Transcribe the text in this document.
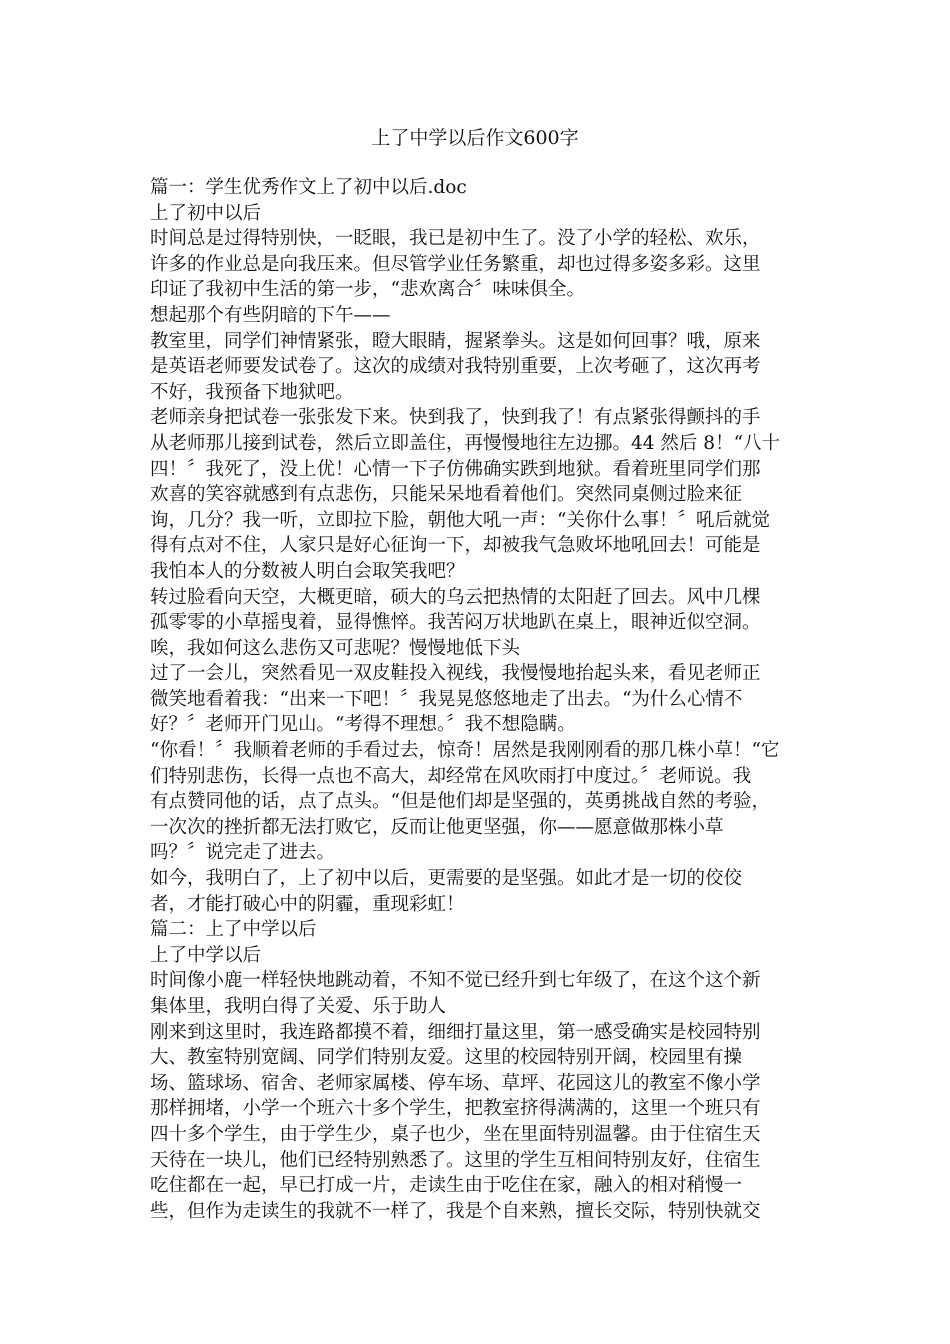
上了中学以后作文600字
篇一：学生优秀作文上了初中以后.doc
上了初中以后
时间总是过得特别快，一眨眼，我已是初中生了。没了小学的轻松、欢乐，
许多的作业总是向我压来。但尽管学业任务繁重，却也过得多姿多彩。这里
印证了我初中生活的第一步，“悲欢离合〞味味俱全。
想起那个有些阴暗的下午——
教室里，同学们神情紧张，瞪大眼睛，握紧拳头。这是如何回事？哦，原来
是英语老师要发试卷了。这次的成绩对我特别重要，上次考砸了，这次再考
不好，我预备下地狱吧。
老师亲身把试卷一张张发下来。快到我了，快到我了！有点紧张得颤抖的手
从老师那儿接到试卷，然后立即盖住，再慢慢地往左边挪。44 然后 8！“八十
四！〞我死了，没上优！心情一下子仿佛确实跌到地狱。看着班里同学们那
欢喜的笑容就感到有点悲伤，只能呆呆地看着他们。突然同桌侧过脸来征
询，几分？我一听，立即拉下脸，朝他大吼一声：“关你什么事！〞吼后就觉
得有点对不住，人家只是好心征询一下，却被我气急败坏地吼回去！可能是
我怕本人的分数被人明白会取笑我吧？
转过脸看向天空，大概更暗，硕大的乌云把热情的太阳赶了回去。风中几棵
孤零零的小草摇曳着，显得憔悴。我苦闷万状地趴在桌上，眼神近似空洞。
唉，我如何这么悲伤又可悲呢？慢慢地低下头
过了一会儿，突然看见一双皮鞋投入视线，我慢慢地抬起头来，看见老师正
微笑地看着我：“出来一下吧！〞我晃晃悠悠地走了出去。“为什么心情不
好？〞老师开门见山。“考得不理想。〞我不想隐瞒。
“你看！〞我顺着老师的手看过去，惊奇！居然是我刚刚看的那几株小草！“它
们特别悲伤，长得一点也不高大，却经常在风吹雨打中度过。〞老师说。我
有点赞同他的话，点了点头。“但是他们却是坚强的，英勇挑战自然的考验，
一次次的挫折都无法打败它，反而让他更坚强，你——愿意做那株小草
吗？〞说完走了进去。
如今，我明白了，上了初中以后，更需要的是坚强。如此才是一切的佼佼
者，才能打破心中的阴霾，重现彩虹！
篇二：上了中学以后
上了中学以后
时间像小鹿一样轻快地跳动着，不知不觉已经升到七年级了，在这个这个新
集体里，我明白得了关爱、乐于助人
刚来到这里时，我连路都摸不着，细细打量这里，第一感受确实是校园特别
大、教室特别宽阔、同学们特别友爱。这里的校园特别开阔，校园里有操
场、篮球场、宿舍、老师家属楼、停车场、草坪、花园这儿的教室不像小学
那样拥堵，小学一个班六十多个学生，把教室挤得满满的，这里一个班只有
四十多个学生，由于学生少，桌子也少，坐在里面特别温馨。由于住宿生天
天待在一块儿，他们已经特别熟悉了。这里的学生互相间特别友好，住宿生
吃住都在一起，早已打成一片，走读生由于吃住在家，融入的相对稍慢一
些，但作为走读生的我就不一样了，我是个自来熟，擅长交际，特别快就交
